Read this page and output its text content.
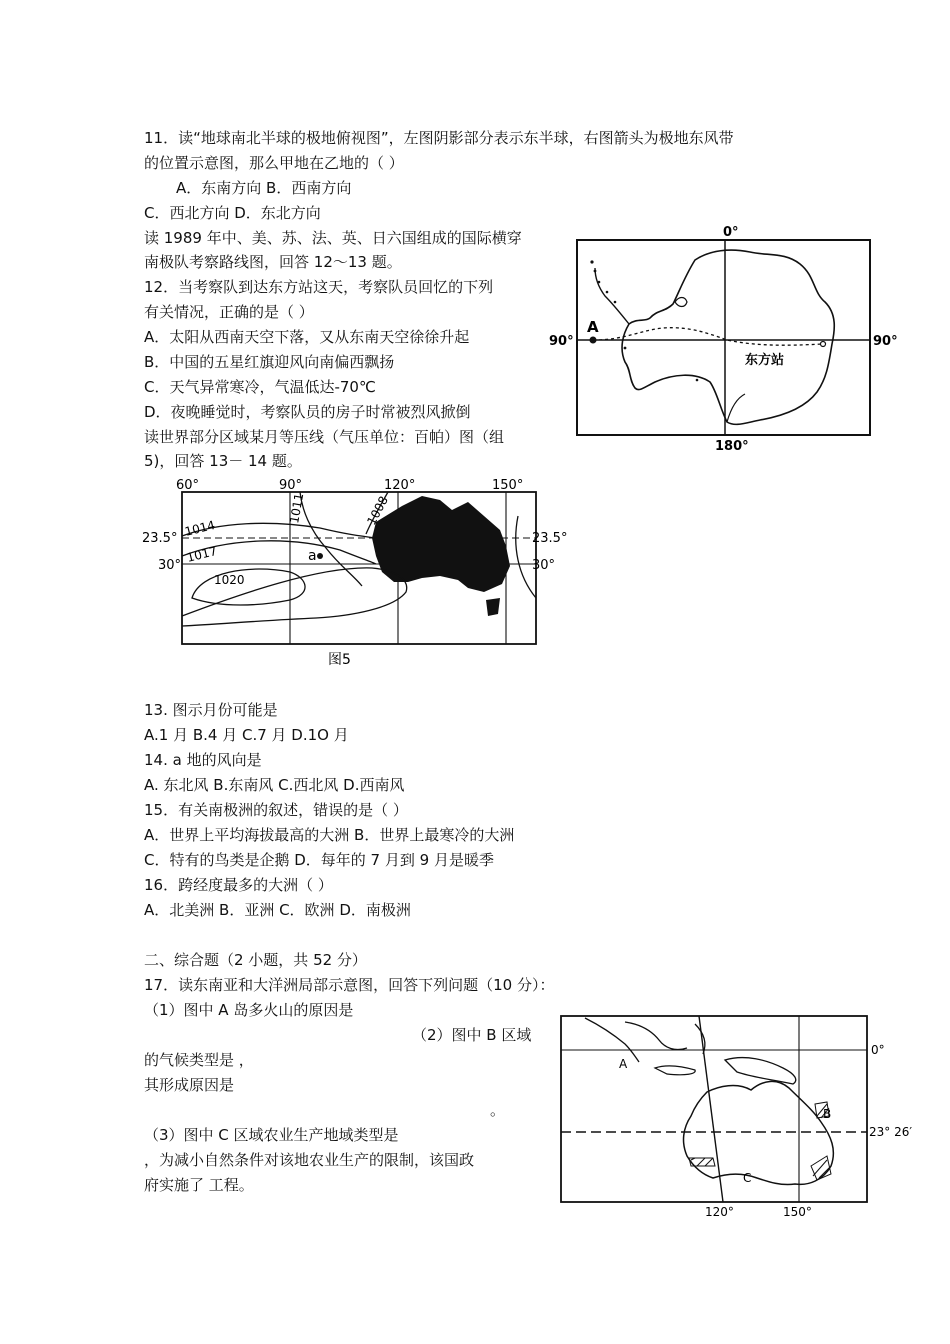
11．读“地球南北半球的极地俯视图”，左图阴影部分表示东半球，右图箭头为极地东风带
的位置示意图，那么甲地在乙地的（ ）
A．东南方向 B．西南方向
C．西北方向 D．东北方向
读 1989 年中、美、苏、法、英、日六国组成的国际横穿
南极队考察路线图，回答 12～13 题。
12．当考察队到达东方站这天，考察队员回忆的下列
有关情况，正确的是（ ）
A．太阳从西南天空下落，又从东南天空徐徐升起
B．中国的五星红旗迎风向南偏西飘扬
C．天气异常寒冷，气温低达-70℃
D．夜晚睡觉时，考察队员的房子时常被烈风掀倒
读世界部分区域某月等压线（气压单位：百帕）图（组
5)，回答 13－ 14 题。
13. 图示月份可能是
A.1 月 B.4 月 C.7 月 D.1O 月
14. a 地的风向是
A. 东北风 B.东南风 C.西北风 D.西南风
15．有关南极洲的叙述，错误的是（ ）
A．世界上平均海拔最高的大洲 B．世界上最寒冷的大洲
C．特有的鸟类是企鹅 D．每年的 7 月到 9 月是暖季
16．跨经度最多的大洲（ ）
A．北美洲 B．亚洲 C．欧洲 D．南极洲
二、综合题（2 小题，共 52 分）
17．读东南亚和大洋洲局部示意图，回答下列问题（10 分）：
（1）图中 A 岛多火山的原因是
（2）图中 B 区域
的气候类型是 ，
其形成原因是
。
（3）图中 C 区域农业生产地域类型是
，为减小自然条件对该地农业生产的限制，该国政
府实施了 工程。
0°
90°	90°
180°
A
东方站
60°	90°	120°	150°
23.5°
30°
23.5°
30°
1011	1008
1014
1017
1020
a
图5
A
B
C
0°
23° 26′
120°	150°
